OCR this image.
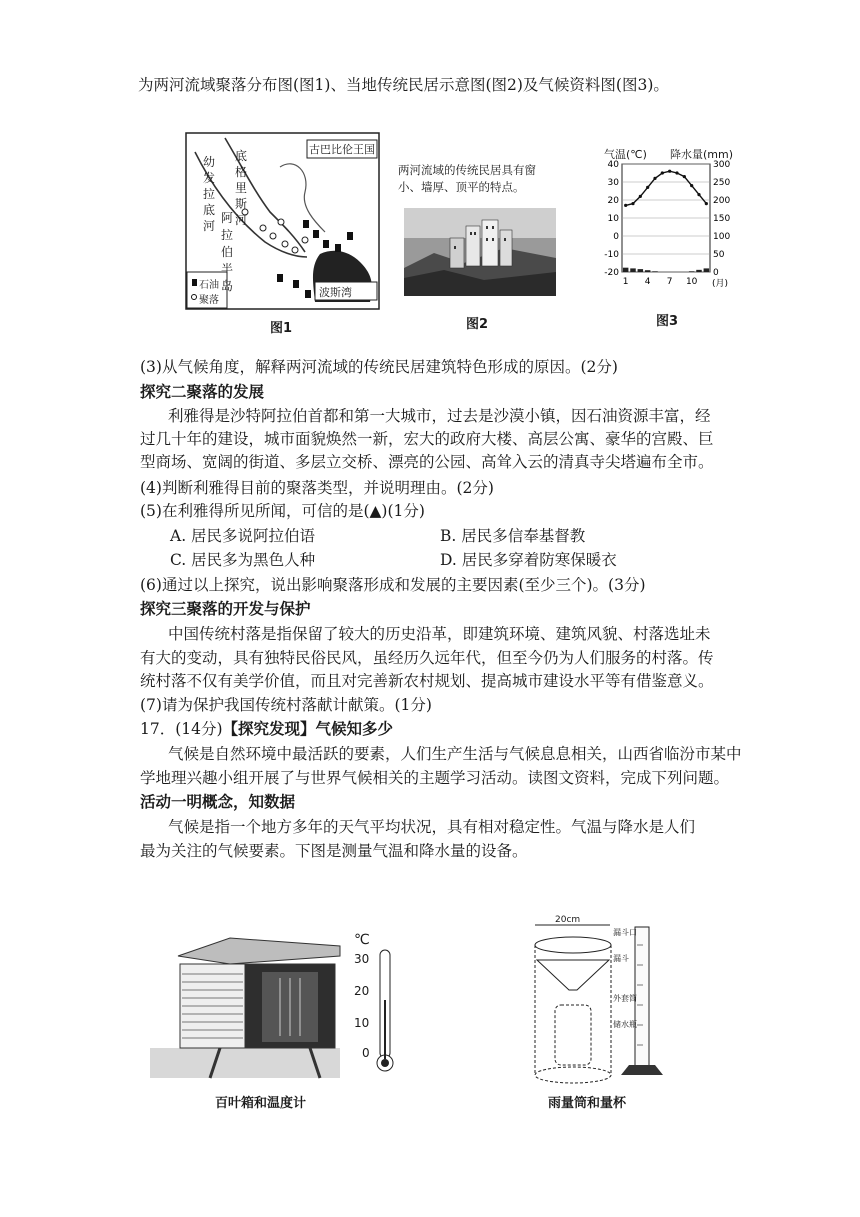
为两河流域聚落分布图(图1)、当地传统民居示意图(图2)及气候资料图(图3)。
古巴比伦王国
底格里斯河
幼发拉底河
阿拉伯半岛	波斯湾
石油
聚落
图1
两河流域的传统民居具有窗
小、墙厚、顶平的特点。
图2
气温(℃) 降水量(mm)
40
30
20
10
0
-10
-20
300
250
200
150
100
50
0
1 4 7 10 (月)
图3
(3)从气候角度，解释两河流域的传统民居建筑特色形成的原因。(2分)
探究二聚落的发展
利雅得是沙特阿拉伯首都和第一大城市，过去是沙漠小镇，因石油资源丰富，经
过几十年的建设，城市面貌焕然一新，宏大的政府大楼、高层公寓、豪华的宫殿、巨
型商场、宽阔的街道、多层立交桥、漂亮的公园、高耸入云的清真寺尖塔遍布全市。
(4)判断利雅得目前的聚落类型，并说明理由。(2分)
(5)在利雅得所见所闻，可信的是(▲)(1分)
A. 居民多说阿拉伯语	B. 居民多信奉基督教
C. 居民多为黑色人种	D. 居民多穿着防寒保暖衣
(6)通过以上探究，说出影响聚落形成和发展的主要因素(至少三个)。(3分)
探究三聚落的开发与保护
中国传统村落是指保留了较大的历史沿革，即建筑环境、建筑风貌、村落选址未
有大的变动，具有独特民俗民风，虽经历久远年代，但至今仍为人们服务的村落。传
统村落不仅有美学价值，而且对完善新农村规划、提高城市建设水平等有借鉴意义。
(7)请为保护我国传统村落献计献策。(1分)
17．(14分)【探究发现】气候知多少
气候是自然环境中最活跃的要素，人们生产生活与气候息息相关，山西省临汾市某中
学地理兴趣小组开展了与世界气候相关的主题学习活动。读图文资料，完成下列问题。
活动一明概念，知数据
气候是指一个地方多年的天气平均状况，具有相对稳定性。气温与降水是人们
最为关注的气候要素。下图是测量气温和降水量的设备。
℃
30
20
10
0
百叶箱和温度计
20cm
漏斗口
漏斗
外套筒
储水瓶
雨量筒和量杯
